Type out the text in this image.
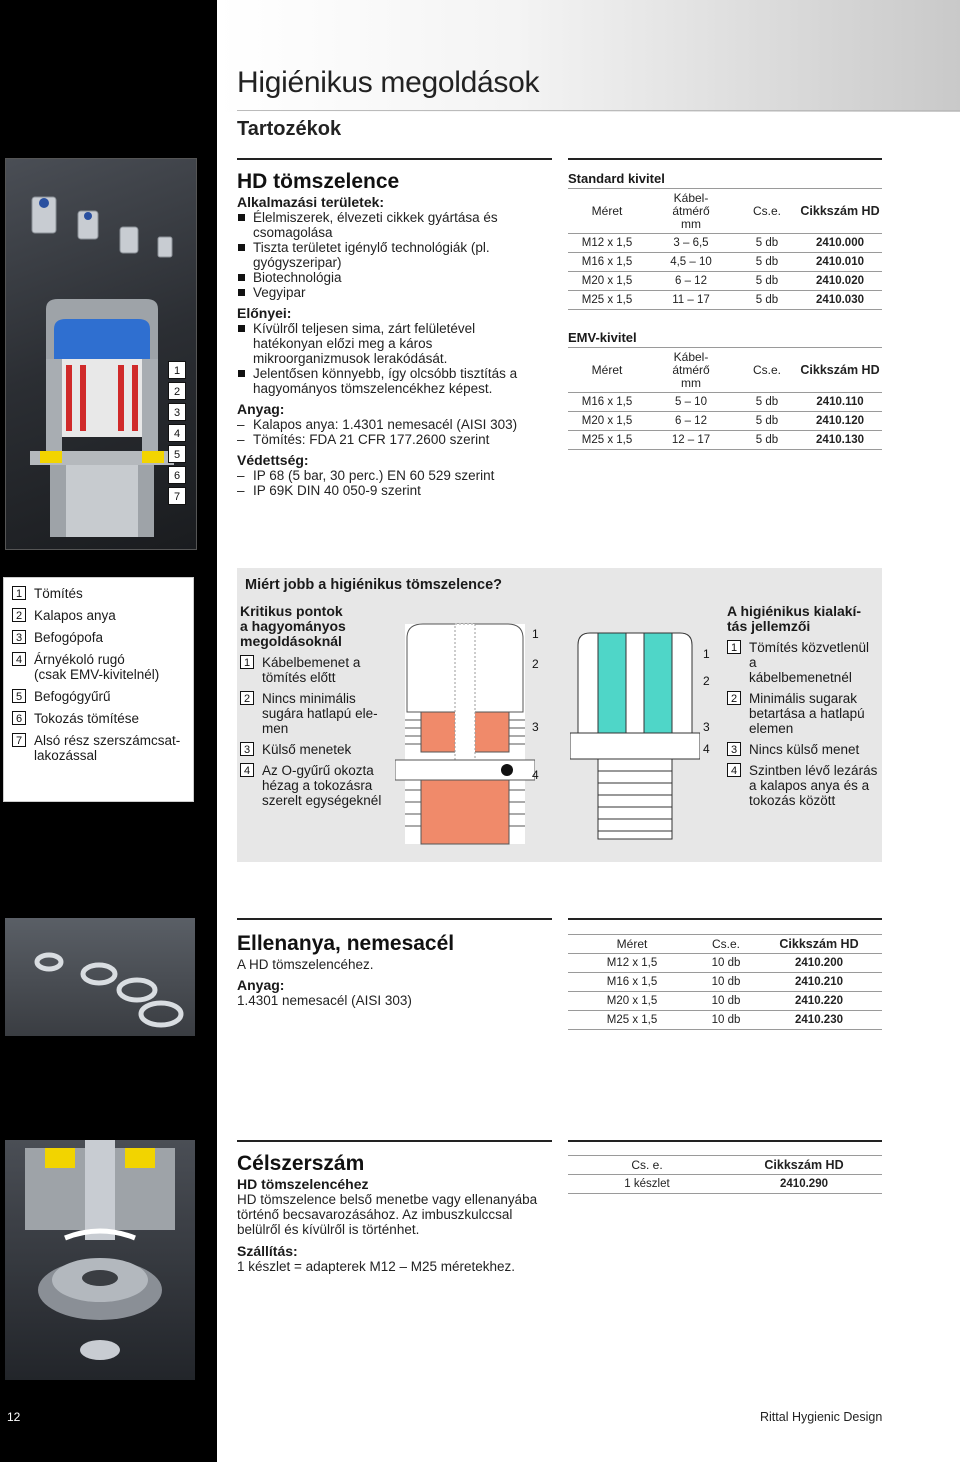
Higiénikus megoldások
Tartozékok
1
2
3
4
5
6
7
HD tömszelence
Alkalmazási területek:
Élelmiszerek, élvezeti cikkek gyártása és csomagolása
Tiszta területet igénylő technológiák (pl. gyógyszeripar)
Biotechnológia
Vegyipar
Előnyei:
Kívülről teljesen sima, zárt felületével hatékonyan előzi meg a káros mikroorganizmusok lerakódását.
Jelentősen könnyebb, így olcsóbb tisztítás a hagyományos tömszelencékhez képest.
Anyag:
– Kalapos anya: 1.4301 nemesacél (AISI 303)
– Tömítés: FDA 21 CFR 177.2600 szerint
Védettség:
– IP 68 (5 bar, 30 perc.) EN 60 529 szerint
– IP 69K DIN 40 050-9 szerint
Standard kivitel
Méret	Kábel-
átmérő
mm	Cs.e.	Cikkszám HD
M12 x 1,5	3 – 6,5	5 db	2410.000
M16 x 1,5	4,5 – 10	5 db	2410.010
M20 x 1,5	6 – 12	5 db	2410.020
M25 x 1,5	11 – 17	5 db	2410.030
EMV-kivitel
Méret	Kábel-
átmérő
mm	Cs.e.	Cikkszám HD
M16 x 1,5	5 – 10	5 db	2410.110
M20 x 1,5	6 – 12	5 db	2410.120
M25 x 1,5	12 – 17	5 db	2410.130
1 Tömítés
2 Kalapos anya
3 Befogópofa
4 Árnyékoló rugó
(csak EMV-kivitelnél)
5 Befogógyűrű
6 Tokozás tömítése
7 Alsó rész szerszámcsat-
lakozással
Miért jobb a higiénikus tömszelence?
Kritikus pontok
a hagyományos
megoldásoknál
1 Kábelbemenet a
tömítés előtt
2 Nincs minimális
sugára hatlapú ele-
men
3 Külső menetek
4 Az O-gyűrű okozta
hézag a tokozásra
szerelt egységeknél
1
2
3
4
1
2
3
4
A higiénikus kialakí-
tás jellemzői
1 Tömítés közvetlenül a
kábelbemenetnél
2 Minimális sugarak
betartása a hatlapú
elemen
3 Nincs külső menet
4 Szintben lévő lezárás
a kalapos anya és a
tokozás között
Ellenanya, nemesacél
A HD tömszelencéhez.
Anyag:
1.4301 nemesacél (AISI 303)
Méret	Cs.e.	Cikkszám HD
M12 x 1,5	10 db	2410.200
M16 x 1,5	10 db	2410.210
M20 x 1,5	10 db	2410.220
M25 x 1,5	10 db	2410.230
Célszerszám
HD tömszelencéhez
HD tömszelence belső menetbe vagy ellenanyába történő becsavarozásához. Az imbuszkulccsal belülről és kívülről is történhet.
Szállítás:
1 készlet = adapterek M12 – M25 méretekhez.
Cs. e.	Cikkszám HD
1 készlet	2410.290
12	Rittal Hygienic Design
